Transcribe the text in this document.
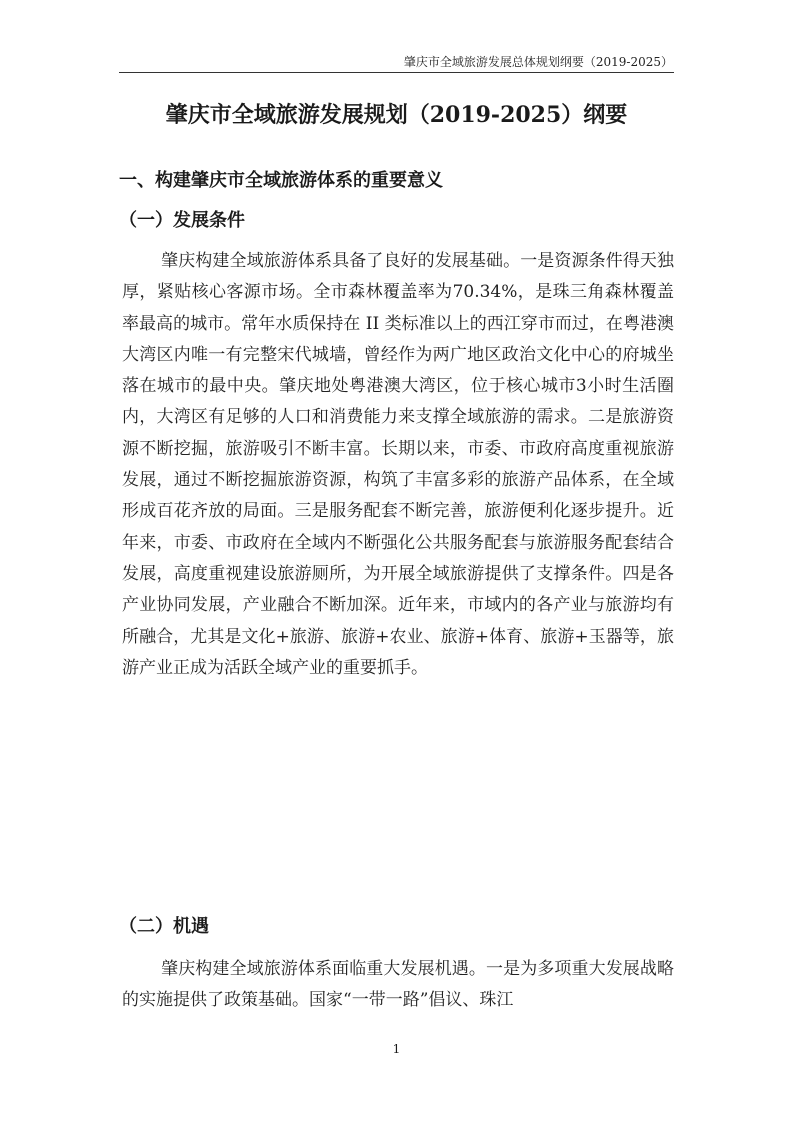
肇庆市全域旅游发展总体规划纲要（2019-2025）
肇庆市全域旅游发展规划（2019-2025）纲要
一、构建肇庆市全域旅游体系的重要意义
（一）发展条件

肇庆构建全域旅游体系具备了良好的发展基础。一是资源条件得天独厚，紧贴核心客源市场。全市森林覆盖率为70.34%，是珠三角森林覆盖率最高的城市。常年水质保持在 II 类标准以上的西江穿市而过，在粤港澳大湾区内唯一有完整宋代城墙，曾经作为两广地区政治文化中心的府城坐落在城市的最中央。肇庆地处粤港澳大湾区，位于核心城市3小时生活圈内，大湾区有足够的人口和消费能力来支撑全域旅游的需求。二是旅游资源不断挖掘，旅游吸引不断丰富。长期以来，市委、市政府高度重视旅游发展，通过不断挖掘旅游资源，构筑了丰富多彩的旅游产品体系，在全域形成百花齐放的局面。三是服务配套不断完善，旅游便利化逐步提升。近年来，市委、市政府在全域内不断强化公共服务配套与旅游服务配套结合发展，高度重视建设旅游厕所，为开展全域旅游提供了支撑条件。四是各产业协同发展，产业融合不断加深。近年来，市域内的各产业与旅游均有所融合，尤其是文化+旅游、旅游+农业、旅游+体育、旅游+玉器等，旅游产业正成为活跃全域产业的重要抓手。

（二）机遇

肇庆构建全域旅游体系面临重大发展机遇。一是为多项重大发展战略的实施提供了政策基础。国家“一带一路”倡议、珠江

1
